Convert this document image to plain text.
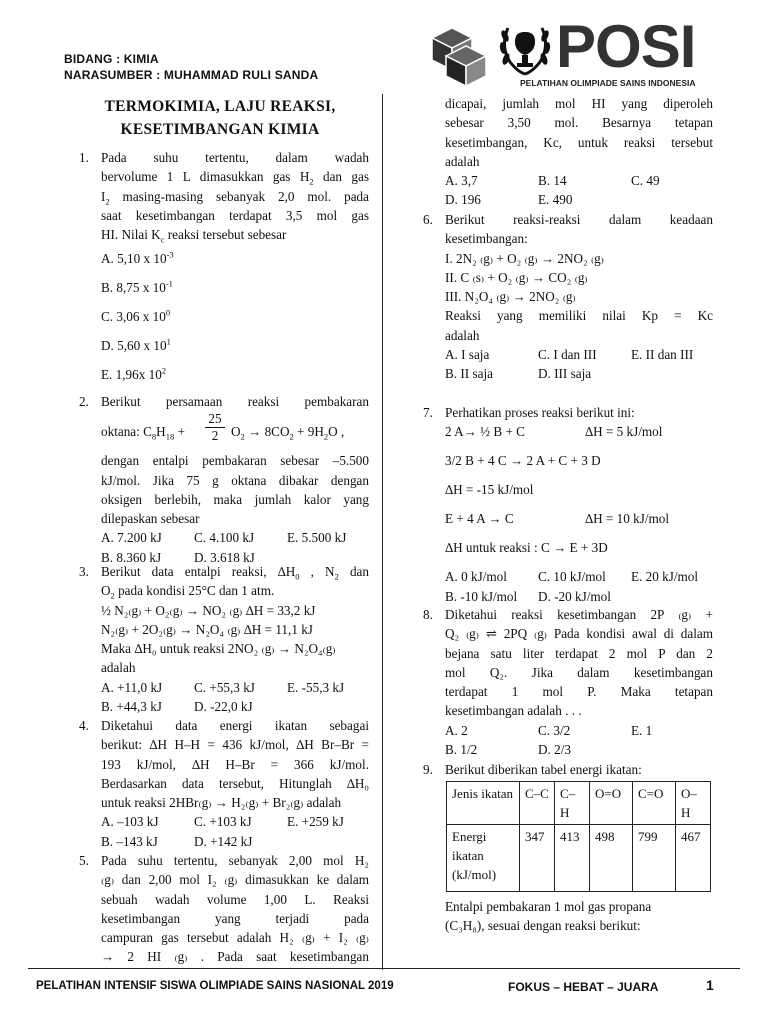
BIDANG : KIMIA
NARASUMBER : MUHAMMAD RULI SANDA	POSI
PELATIHAN OLIMPIADE SAINS INDONESIA
TERMOKIMIA, LAJU REAKSI,
KESETIMBANGAN KIMIA
1. Pada suhu tertentu, dalam wadah
bervolume 1 L dimasukkan gas $H_2$ dan gas
$I_2$ masing-masing sebanyak 2,0 mol. pada
saat kesetimbangan terdapat 3,5 mol gas
HI. Nilai $K_c$ reaksi tersebut sebesar
A. 5,10 x $10^{-3}$
B. 8,75 x $10^{-1}$
C. 3,06 x $10^0$
D. 5,60 x $10^1$
E. 1,96x $10^2$
2. Berikut persamaan reaksi pembakaran
oktana: $C_8H_{18}$ +
25
2 $O_2 \to 8CO_2 + 9H_2O$ ,
dengan entalpi pembakaran sebesar –5.500
kJ/mol. Jika 75 g oktana dibakar dengan
oksigen berlebih, maka jumlah kalor yang
dilepaskan sebesar
A. 7.200 kJ	C. 4.100 kJ	E. 5.500 kJ
B. 8.360 kJ	D. 3.618 kJ
3. Berikut data entalpi reaksi, $\Delta H_0$ , $N_2$ dan
$O_2$ pada kondisi 25°C dan 1 atm.
½ N₂₍g₎ + O₂₍g₎ → NO₂ ₍g₎ ∆H = 33,2 kJ
N₂₍g₎ + 2O₂₍g₎ → N₂O₄ ₍g₎ ∆H = 11,1 kJ
Maka ∆H₀ untuk reaksi 2NO₂ ₍g₎ → N₂O₄₍g₎
adalah
A. +11,0 kJ	C. +55,3 kJ	E. -55,3 kJ
B. +44,3 kJ	D. -22,0 kJ
4. Diketahui data energi ikatan sebagai
berikut: ∆H H–H = 436 kJ/mol, ∆H Br–Br =
193 kJ/mol, ∆H H–Br = 366 kJ/mol.
Berdasarkan data tersebut, Hitunglah ∆H₀
untuk reaksi 2HBr₍g₎ → H₂₍g₎ + Br₂₍g₎ adalah
A. –103 kJ	C. +103 kJ	E. +259 kJ
B. –143 kJ	D. +142 kJ
5. Pada suhu tertentu, sebanyak 2,00 mol H₂
₍g₎ dan 2,00 mol I₂ ₍g₎ dimasukkan ke dalam
sebuah wadah volume 1,00 L. Reaksi
kesetimbangan yang terjadi pada
campuran gas tersebut adalah H₂ ₍g₎ + I₂ ₍g₎
→ 2 HI ₍g₎ . Pada saat kesetimbangan
dicapai, jumlah mol HI yang diperoleh
sebesar 3,50 mol. Besarnya tetapan
kesetimbangan, Kc, untuk reaksi tersebut
adalah
A. 3,7	B. 14	C. 49
D. 196	E. 490
6. Berikut reaksi-reaksi dalam keadaan
kesetimbangan:
I. 2N₂ ₍g₎ + O₂ ₍g₎ → 2NO₂ ₍g₎
II. C ₍s₎ + O₂ ₍g₎ → CO₂ ₍g₎
III. N₂O₄ ₍g₎ → 2NO₂ ₍g₎
Reaksi yang memiliki nilai Kp = Kc
adalah
A. I saja	C. I dan III	E. II dan III
B. II saja	D. III saja
7. Perhatikan proses reaksi berikut ini:
2 A→ ½ B + C	∆H = 5 kJ/mol
3/2 B + 4 C → 2 A + C + 3 D
∆H = -15 kJ/mol
E + 4 A → C	∆H = 10 kJ/mol
∆H untuk reaksi : C → E + 3D
A. 0 kJ/mol	C. 10 kJ/mol	E. 20 kJ/mol
B. -10 kJ/mol	D. -20 kJ/mol
8. Diketahui reaksi kesetimbangan 2P ₍g₎ +
Q₂ ₍g₎ ⇌ 2PQ ₍g₎ Pada kondisi awal di dalam
bejana satu liter terdapat 2 mol P dan 2
mol Q₂. Jika dalam kesetimbangan
terdapat 1 mol P. Maka tetapan
kesetimbangan adalah . . .
A. 2	C. 3/2	E. 1
B. 1/2	D. 2/3
9. Berikut diberikan tabel energi ikatan:
Jenis ikatan	C–C	C–H	O=O	C=O	O–H
Energi ikatan (kJ/mol)	347	413	498	799	467
Entalpi pembakaran 1 mol gas propana
(C₃H₈), sesuai dengan reaksi berikut:
PELATIHAN INTENSIF SISWA OLIMPIADE SAINS NASIONAL 2019	FOKUS – HEBAT – JUARA	1
